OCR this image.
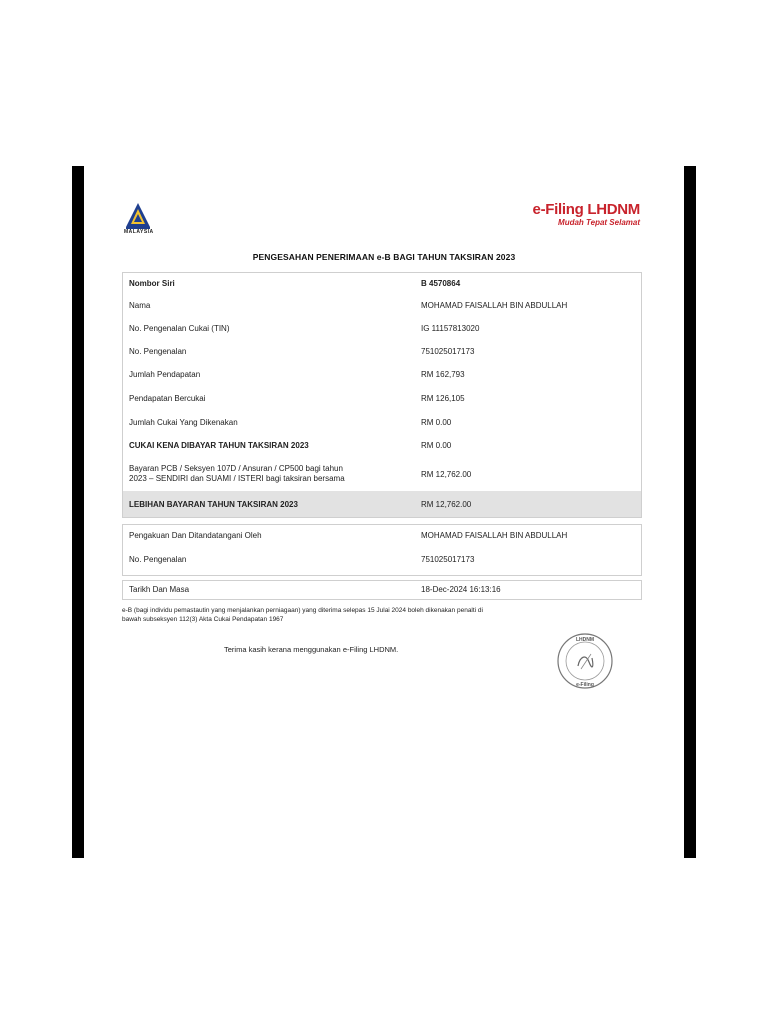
MALAYSIA
e-Filing LHDNM
Mudah Tepat Selamat
PENGESAHAN PENERIMAAN e-B BAGI TAHUN TAKSIRAN 2023
Nombor Siri	B 4570864
Nama	MOHAMAD FAISALLAH BIN ABDULLAH
No. Pengenalan Cukai (TIN)	IG 11157813020
No. Pengenalan	751025017173
Jumlah Pendapatan	RM 162,793
Pendapatan Bercukai	RM 126,105
Jumlah Cukai Yang Dikenakan	RM 0.00
CUKAI KENA DIBAYAR TAHUN TAKSIRAN 2023	RM 0.00
Bayaran PCB / Seksyen 107D / Ansuran / CP500 bagi tahun
2023 – SENDIRI dan SUAMI / ISTERI bagi taksiran bersama	RM 12,762.00
LEBIHAN BAYARAN TAHUN TAKSIRAN 2023	RM 12,762.00
Pengakuan Dan Ditandatangani Oleh	MOHAMAD FAISALLAH BIN ABDULLAH
No. Pengenalan	751025017173
Tarikh Dan Masa	18-Dec-2024 16:13:16
e-B (bagi individu pemastautin yang menjalankan perniagaan) yang diterima selepas 15 Julai 2024 boleh dikenakan penalti di
bawah subseksyen 112(3) Akta Cukai Pendapatan 1967
Terima kasih kerana menggunakan e-Filing LHDNM.
LHDNM
e-Filing
